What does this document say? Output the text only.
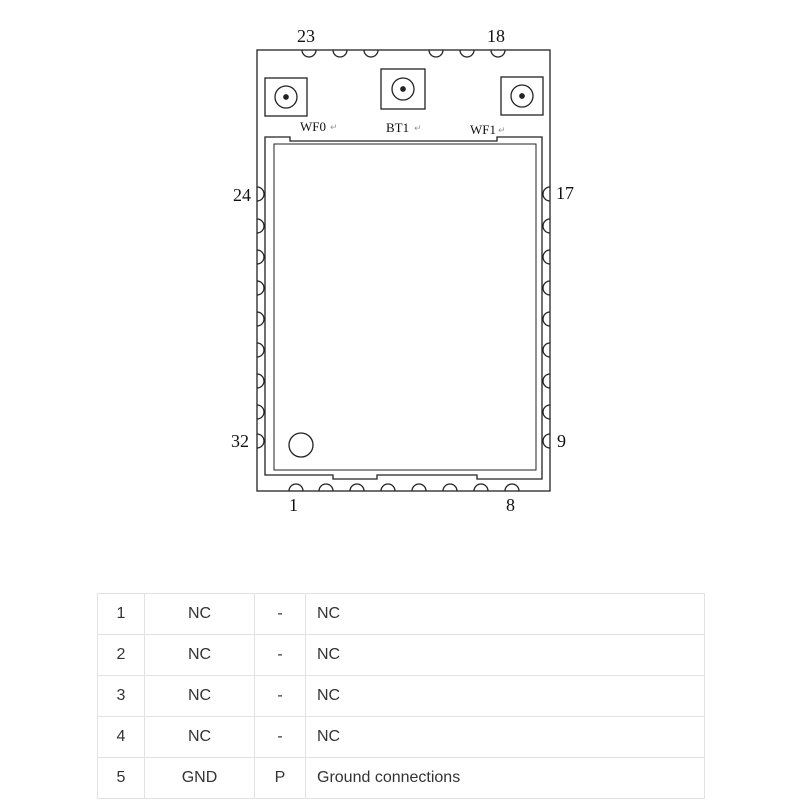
23	18
24
32
17
9
1	8
WF0 ↵	BT1 ↵	WF1 ↵
1	NC	-	NC
2	NC	-	NC
3	NC	-	NC
4	NC	-	NC
5	GND	P	Ground connections
